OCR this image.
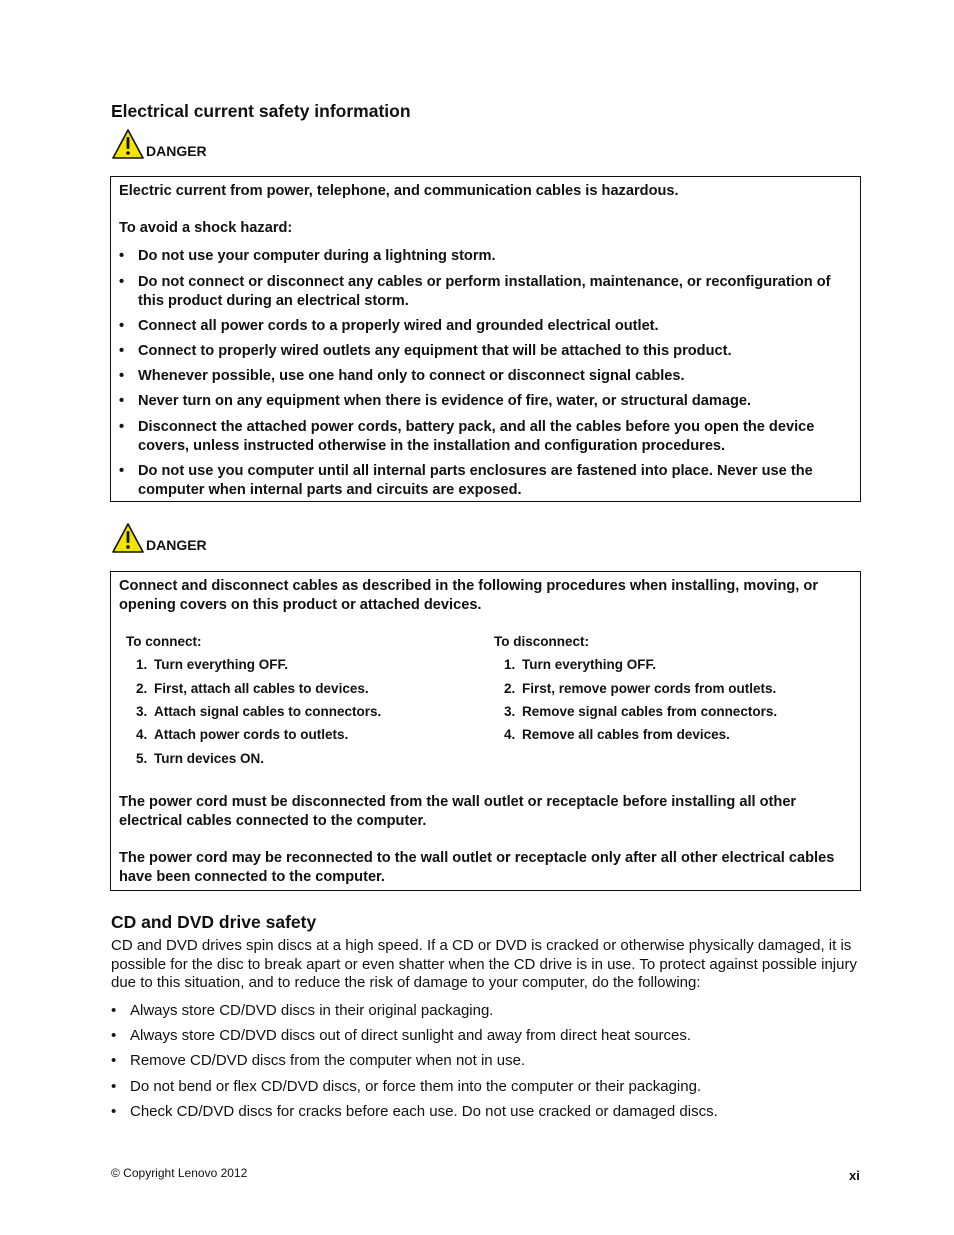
Electrical current safety information
DANGER

Electric current from power, telephone, and communication cables is hazardous.

To avoid a shock hazard:

• Do not use your computer during a lightning storm.
• Do not connect or disconnect any cables or perform installation, maintenance, or reconfiguration of this product during an electrical storm.
• Connect all power cords to a properly wired and grounded electrical outlet.
• Connect to properly wired outlets any equipment that will be attached to this product.
• Whenever possible, use one hand only to connect or disconnect signal cables.
• Never turn on any equipment when there is evidence of fire, water, or structural damage.
• Disconnect the attached power cords, battery pack, and all the cables before you open the device covers, unless instructed otherwise in the installation and configuration procedures.
• Do not use you computer until all internal parts enclosures are fastened into place. Never use the computer when internal parts and circuits are exposed.
DANGER

Connect and disconnect cables as described in the following procedures when installing, moving, or opening covers on this product or attached devices.

To connect:
1. Turn everything OFF.
2. First, attach all cables to devices.
3. Attach signal cables to connectors.
4. Attach power cords to outlets.
5. Turn devices ON.
To disconnect:
1. Turn everything OFF.
2. First, remove power cords from outlets.
3. Remove signal cables from connectors.
4. Remove all cables from devices.

The power cord must be disconnected from the wall outlet or receptacle before installing all other electrical cables connected to the computer.

The power cord may be reconnected to the wall outlet or receptacle only after all other electrical cables have been connected to the computer.

CD and DVD drive safety

CD and DVD drives spin discs at a high speed. If a CD or DVD is cracked or otherwise physically damaged, it is possible for the disc to break apart or even shatter when the CD drive is in use. To protect against possible injury due to this situation, and to reduce the risk of damage to your computer, do the following:

• Always store CD/DVD discs in their original packaging.
• Always store CD/DVD discs out of direct sunlight and away from direct heat sources.
• Remove CD/DVD discs from the computer when not in use.
• Do not bend or flex CD/DVD discs, or force them into the computer or their packaging.
• Check CD/DVD discs for cracks before each use. Do not use cracked or damaged discs.
© Copyright Lenovo 2012	xi
